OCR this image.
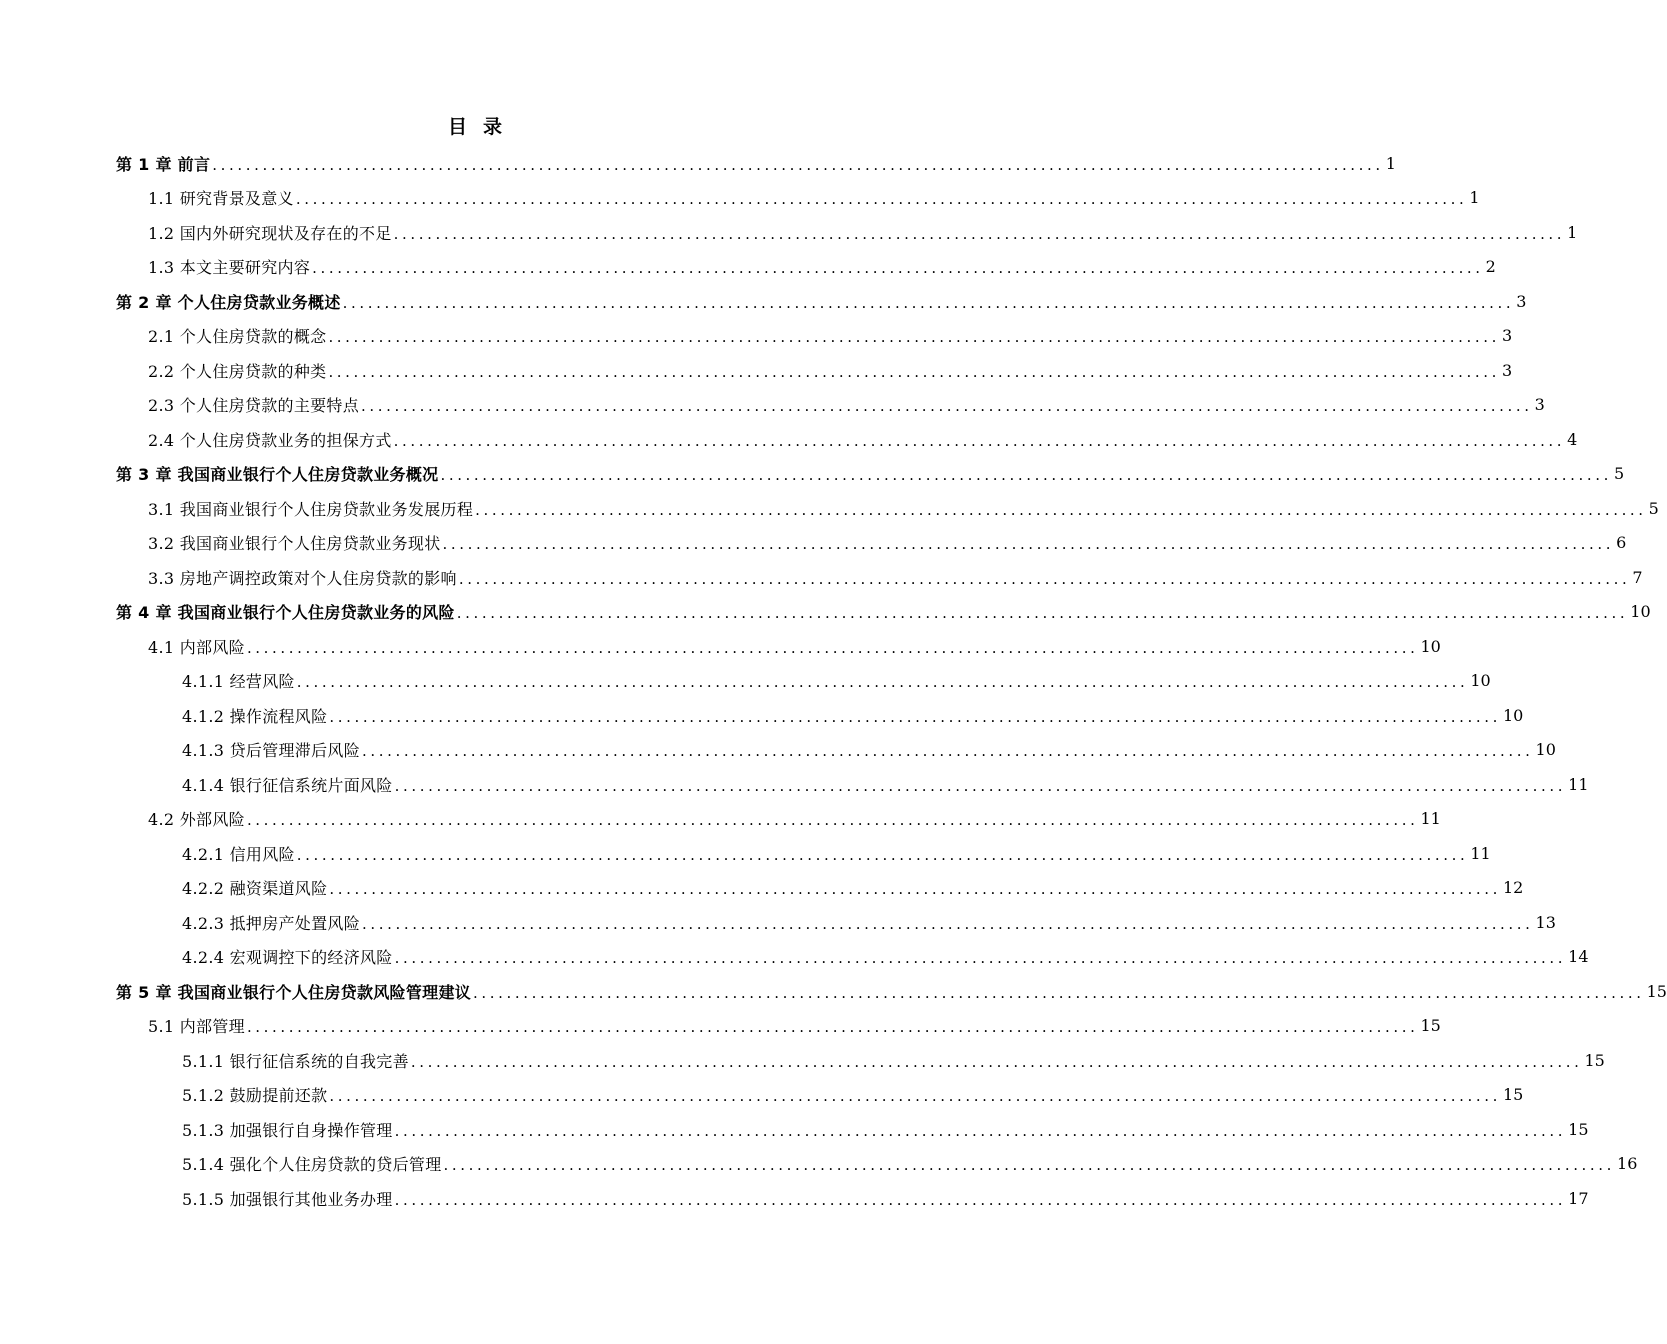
目录
第 1 章 前言 ............................................................................................................................................ 1
1.1 研究背景及意义 ............................................................................................................................................ 1
1.2 国内外研究现状及存在的不足 ............................................................................................................................................ 1
1.3 本文主要研究内容 ............................................................................................................................................ 2
第 2 章 个人住房贷款业务概述 ............................................................................................................................................ 3
2.1 个人住房贷款的概念 ............................................................................................................................................ 3
2.2 个人住房贷款的种类 ............................................................................................................................................ 3
2.3 个人住房贷款的主要特点 ............................................................................................................................................ 3
2.4 个人住房贷款业务的担保方式 ............................................................................................................................................ 4
第 3 章 我国商业银行个人住房贷款业务概况 ............................................................................................................................................ 5
3.1 我国商业银行个人住房贷款业务发展历程 ............................................................................................................................................ 5
3.2 我国商业银行个人住房贷款业务现状 ............................................................................................................................................ 6
3.3 房地产调控政策对个人住房贷款的影响 ............................................................................................................................................ 7
第 4 章 我国商业银行个人住房贷款业务的风险 ............................................................................................................................................ 10
4.1 内部风险 ............................................................................................................................................ 10
4.1.1 经营风险 ............................................................................................................................................ 10
4.1.2 操作流程风险 ............................................................................................................................................ 10
4.1.3 贷后管理滞后风险 ............................................................................................................................................ 10
4.1.4 银行征信系统片面风险 ............................................................................................................................................ 11
4.2 外部风险 ............................................................................................................................................ 11
4.2.1 信用风险 ............................................................................................................................................ 11
4.2.2 融资渠道风险 ............................................................................................................................................ 12
4.2.3 抵押房产处置风险 ............................................................................................................................................ 13
4.2.4 宏观调控下的经济风险 ............................................................................................................................................ 14
第 5 章 我国商业银行个人住房贷款风险管理建议 ............................................................................................................................................ 15
5.1 内部管理 ............................................................................................................................................ 15
5.1.1 银行征信系统的自我完善 ............................................................................................................................................ 15
5.1.2 鼓励提前还款 ............................................................................................................................................ 15
5.1.3 加强银行自身操作管理 ............................................................................................................................................ 15
5.1.4 强化个人住房贷款的贷后管理 ............................................................................................................................................ 16
5.1.5 加强银行其他业务办理 ............................................................................................................................................ 17
